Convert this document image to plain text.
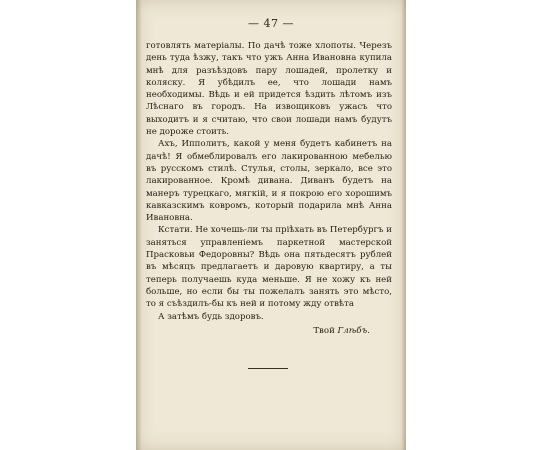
— 47 —

готовлять матеріалы. По дачѣ тоже хлопоты. Черезъ день туда ѣзжу, такъ что ужъ Анна Ивановна купила мнѣ для разъѣздовъ пару лошадей, пролетку и коляску. Я убѣдилъ ее, что лошади намъ необходимы. Вѣдь и ей придется ѣздить лѣтомъ изъ Лѣснаго въ городъ. На извощиковъ ужасъ что выходитъ и я считаю, что свои лошади намъ будутъ не дороже стоить.

Ахъ, Ипполитъ, какой у меня будетъ кабинетъ на дачѣ! Я обмеблировалъ его лакированною мебелью въ русскомъ стилѣ. Стулья, столы, зеркало, все это лакированное. Кромѣ дивана. Диванъ будетъ на манеръ турецкаго, мягкій, и я покрою его хорошимъ кавказскимъ ковромъ, который подарила мнѣ Анна Ивановна.

Кстати. Не хочешь-ли ты пріѣхать въ Петербургъ и заняться управленіемъ паркетной мастерской Прасковьи Федоровны? Вѣдь она пятьдесятъ рублей въ мѣсяцъ предлагаетъ и даровую квартиру, а ты теперь получаешь куда меньше. Я не хожу къ ней больше, но если бы ты пожелалъ занять это мѣсто, то я съѣздилъ-бы къ ней и потому жду отвѣта

А затѣмъ будь здоровъ.

Твой Глѣбъ.
